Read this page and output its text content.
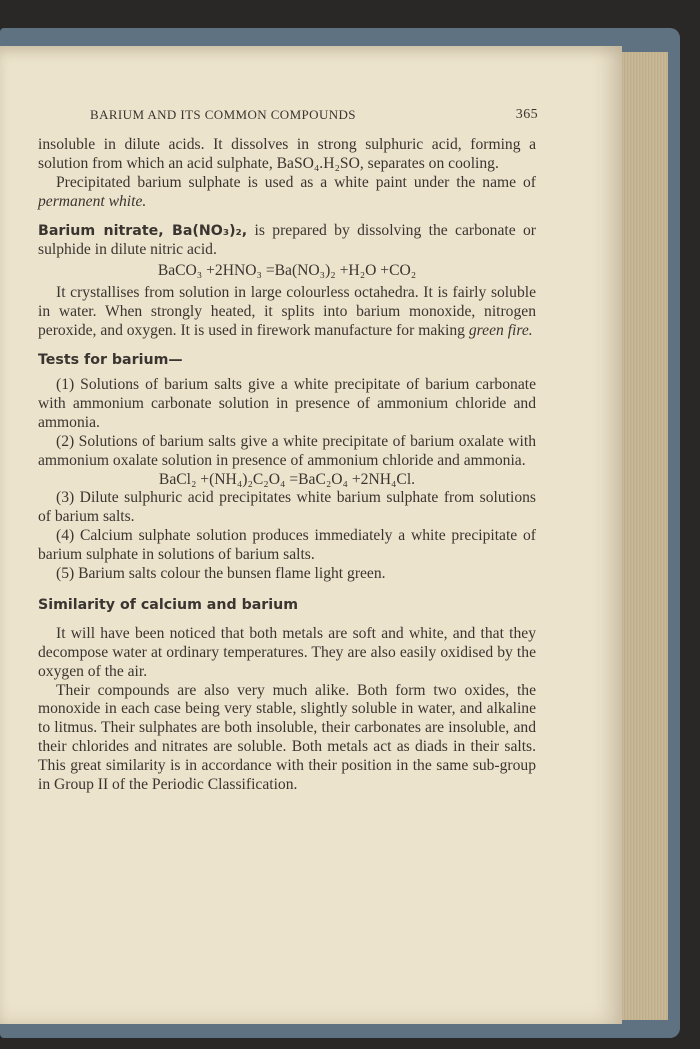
BARIUM AND ITS COMMON COMPOUNDS	365

insoluble in dilute acids. It dissolves in strong sulphuric acid, forming a solution from which an acid sulphate, BaSO₄.H₂SO, separates on cooling.

Precipitated barium sulphate is used as a white paint under the name of permanent white.

Barium nitrate, Ba(NO₃)₂, is prepared by dissolving the carbonate or sulphide in dilute nitric acid.

BaCO₃ +2HNO₃ =Ba(NO₃)₂ +H₂O +CO₂

It crystallises from solution in large colourless octahedra. It is fairly soluble in water. When strongly heated, it splits into barium monoxide, nitrogen peroxide, and oxygen. It is used in firework manufacture for making green fire.

Tests for barium—

(1) Solutions of barium salts give a white precipitate of barium carbonate with ammonium carbonate solution in presence of ammonium chloride and ammonia.

(2) Solutions of barium salts give a white precipitate of barium oxalate with ammonium oxalate solution in presence of ammonium chloride and ammonia.

BaCl₂ +(NH₄)₂C₂O₄ =BaC₂O₄ +2NH₄Cl.

(3) Dilute sulphuric acid precipitates white barium sulphate from solutions of barium salts.

(4) Calcium sulphate solution produces immediately a white precipitate of barium sulphate in solutions of barium salts.

(5) Barium salts colour the bunsen flame light green.

Similarity of calcium and barium

It will have been noticed that both metals are soft and white, and that they decompose water at ordinary temperatures. They are also easily oxidised by the oxygen of the air.

Their compounds are also very much alike. Both form two oxides, the monoxide in each case being very stable, slightly soluble in water, and alkaline to litmus. Their sulphates are both insoluble, their carbonates are insoluble, and their chlorides and nitrates are soluble. Both metals act as diads in their salts. This great similarity is in accordance with their position in the same sub-group in Group II of the Periodic Classification.
